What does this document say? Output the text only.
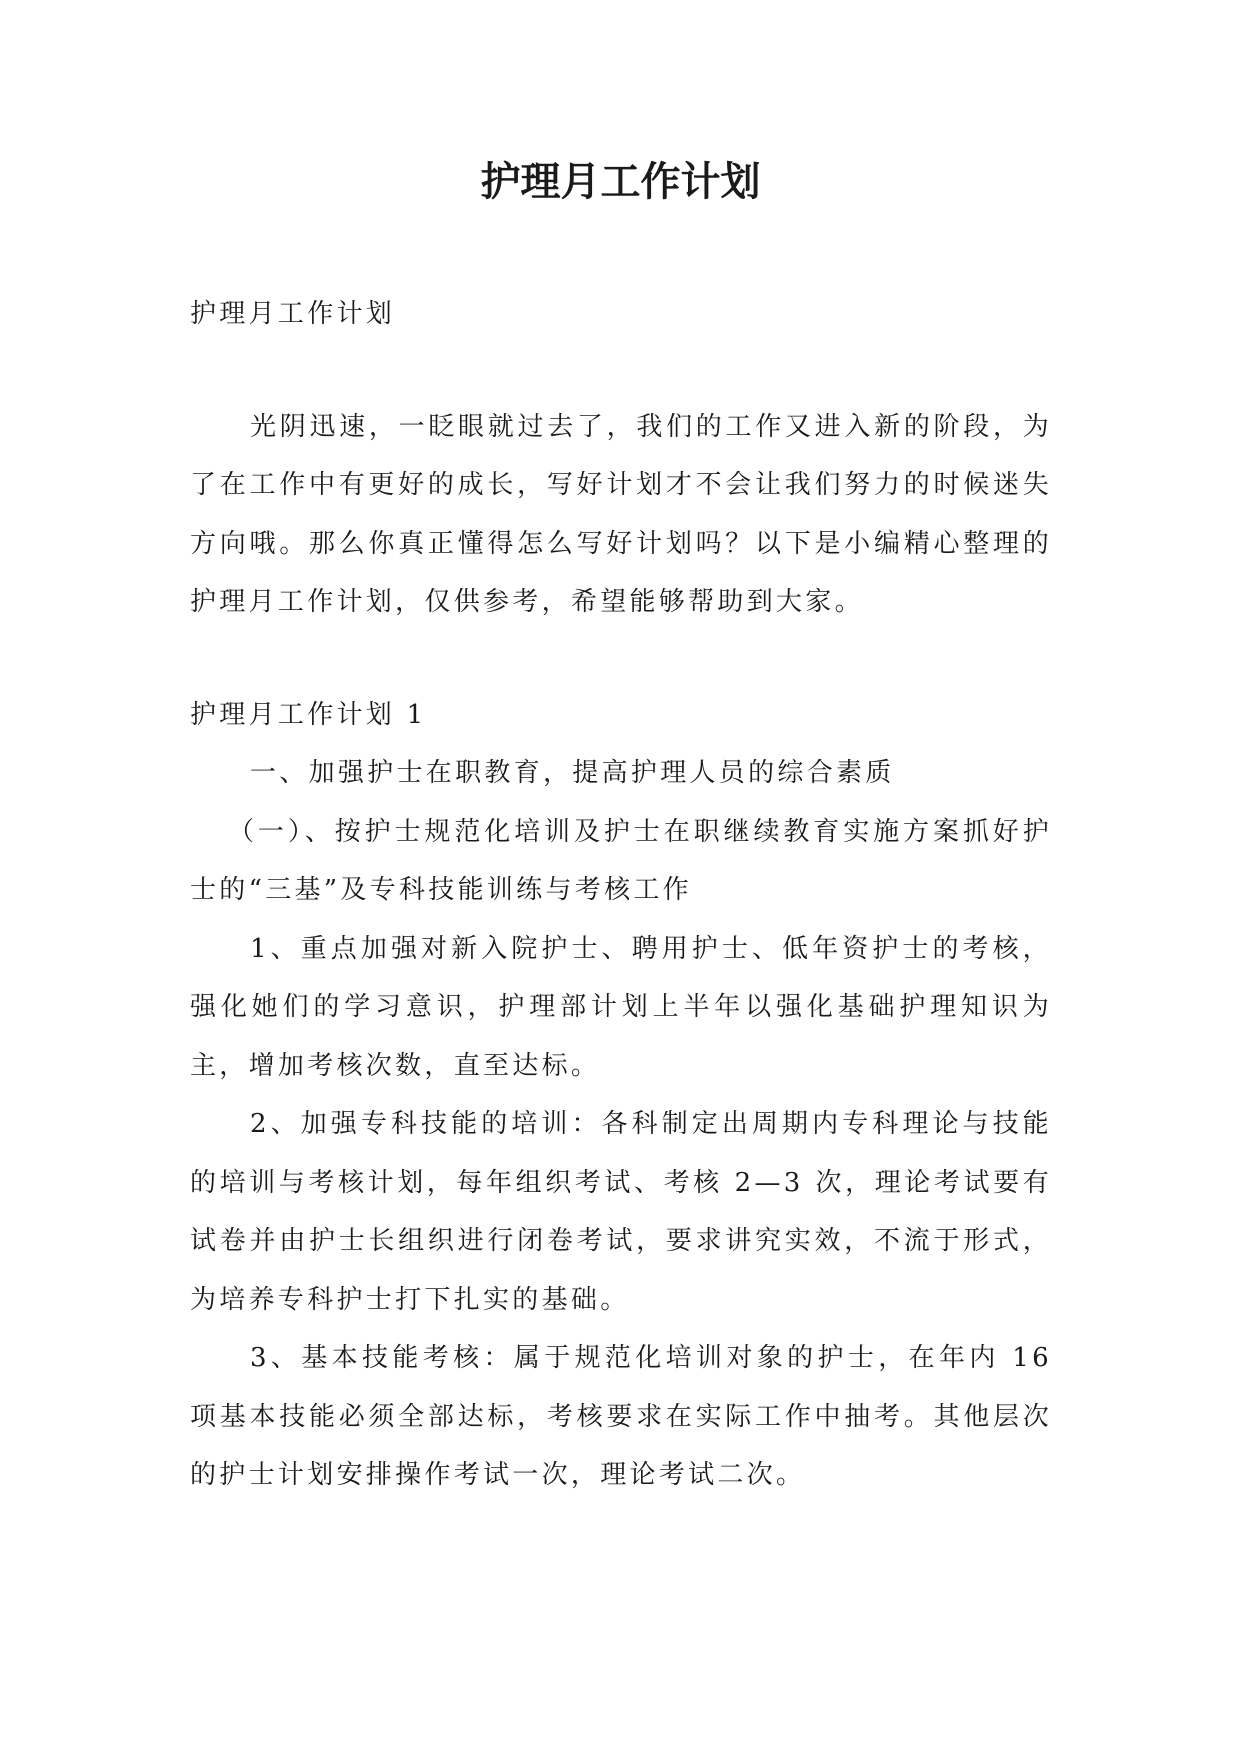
护理月工作计划

护理月工作计划

光阴迅速，一眨眼就过去了，我们的工作又进入新的阶段，为了在工作中有更好的成长，写好计划才不会让我们努力的时候迷失方向哦。那么你真正懂得怎么写好计划吗？以下是小编精心整理的护理月工作计划，仅供参考，希望能够帮助到大家。

护理月工作计划 1

一、加强护士在职教育，提高护理人员的综合素质

（一）、按护士规范化培训及护士在职继续教育实施方案抓好护士的“三基”及专科技能训练与考核工作

1、重点加强对新入院护士、聘用护士、低年资护士的考核，强化她们的学习意识，护理部计划上半年以强化基础护理知识为主，增加考核次数，直至达标。

2、加强专科技能的培训：各科制定出周期内专科理论与技能的培训与考核计划，每年组织考试、考核 2—3 次，理论考试要有试卷并由护士长组织进行闭卷考试，要求讲究实效，不流于形式，为培养专科护士打下扎实的基础。

3、基本技能考核：属于规范化培训对象的护士，在年内 16 项基本技能必须全部达标，考核要求在实际工作中抽考。其他层次的护士计划安排操作考试一次，理论考试二次。
